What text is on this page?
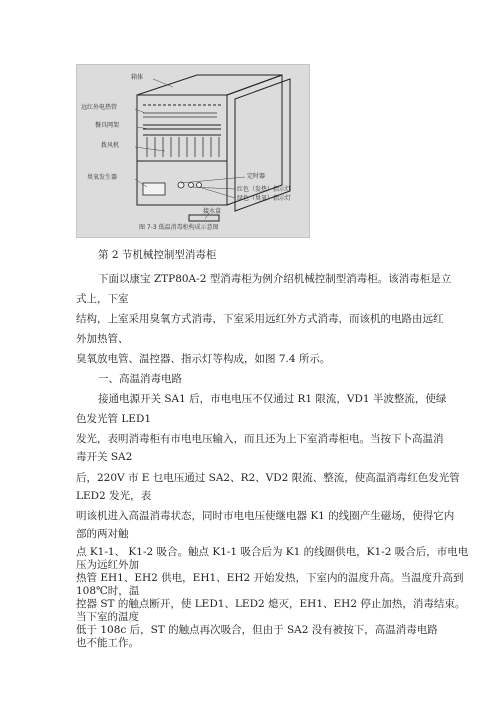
箱体
远红外电热管
餐具网架
拨风机
臭氧发生器	定时器
红色（发热）指示灯
绿色（臭氧）指示灯
接水盒
图 7-3 低温消毒柜构成示意图
第 2 节机械控制型消毒柜
下面以康宝 ZTP80A-2 型消毒柜为例介绍机械控制型消毒柜。该消毒柜是立
式上，下室
结构，上室采用臭氧方式消毒，下室采用远红外方式消毒，而该机的电路由远红
外加热管、
臭氧放电管、温控器、指示灯等构成，如图 7.4 所示。
一、高温消毒电路
接通电源开关 SA1 后，市电电压不仅通过 R1 限流，VD1 半波整流，使绿
色发光管 LED1
发光，表明消毒柜有市电电压输入，而且还为上下室消毒柜电。当按下卜高温消
毒开关 SA2
后，220V 市 E 乜电压通过 SA2、R2、VD2 限流、整流，使高温消毒红色发光管
LED2 发光，表
明该机进入高温消毒状态，同时市电电压使继电器 K1 的线圈产生磁场，使得它内
部的两对触
点 K1-1、 K1-2 吸合。触点 K1-1 吸合后为 K1 的线圈供电，K1-2 吸合后，市电电
压为远红外加
热管 EH1、EH2 供电，EH1、EH2 开始发热，下室内的温度升高。当温度升高到
108℃时，温
控器 ST 的触点断开，使 LED1、LED2 熄灭，EH1、EH2 停止加热，消毒结束。
当下室的温度
低于 108c 后，ST 的触点再次吸合，但由于 SA2 没有被按下，高温消毒电路
也不能工作。
